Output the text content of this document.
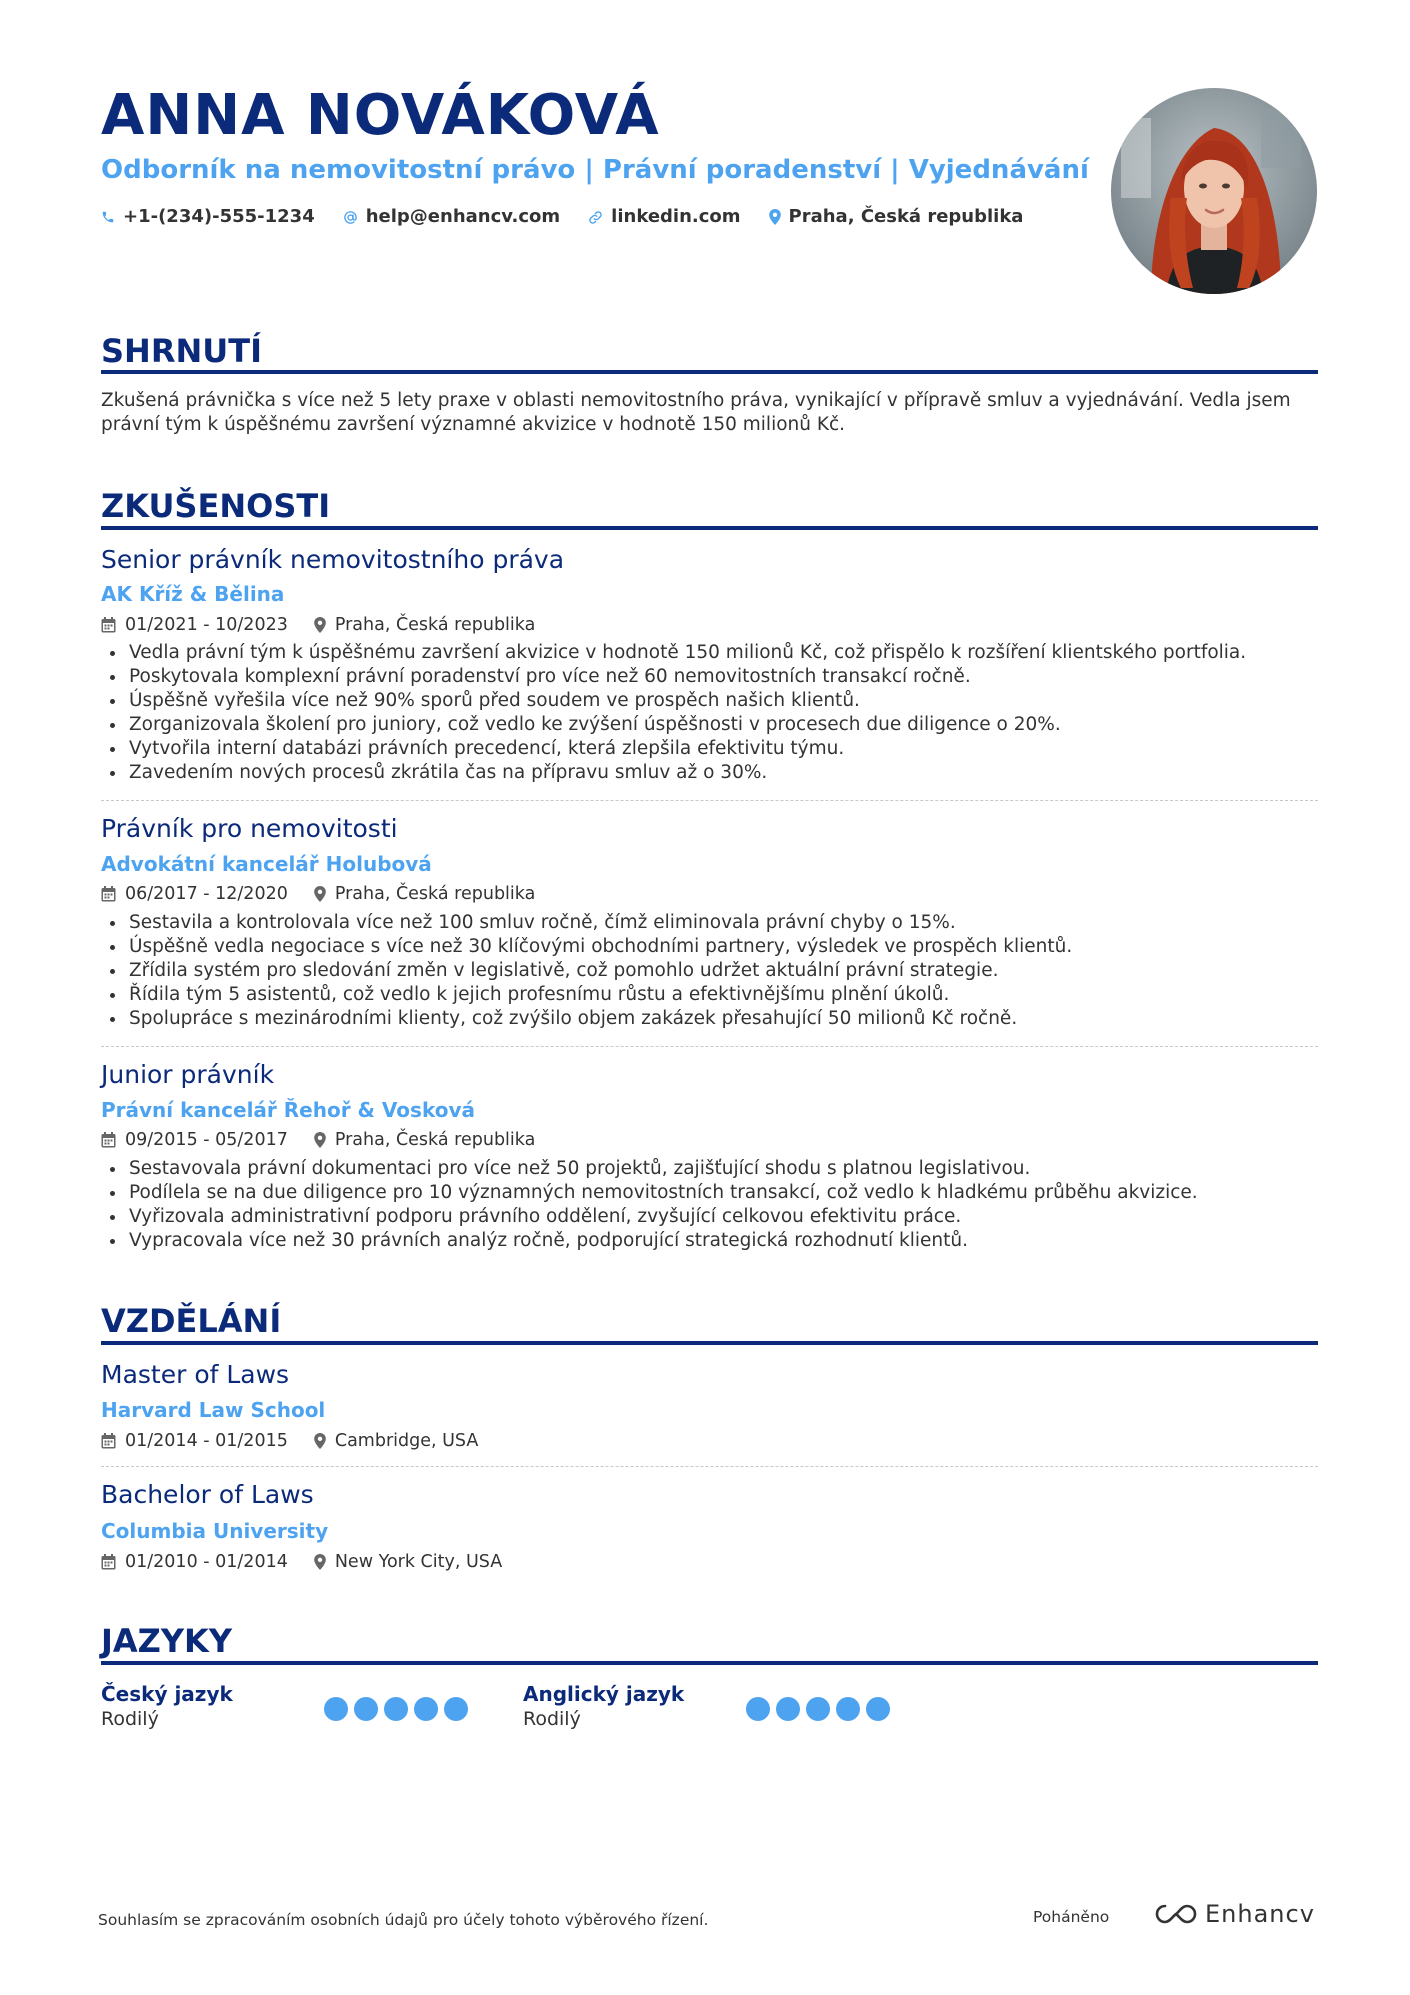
ANNA NOVÁKOVÁ
Odborník na nemovitostní právo | Právní poradenství | Vyjednávání
+1-(234)-555-1234	help@enhancv.com	linkedin.com	Praha, Česká republika
SHRNUTÍ
Zkušená právnička s více než 5 lety praxe v oblasti nemovitostního práva, vynikající v přípravě smluv a vyjednávání. Vedla jsem právní tým k úspěšnému završení významné akvizice v hodnotě 150 milionů Kč.
ZKUŠENOSTI
Senior právník nemovitostního práva
AK Kříž & Bělina
01/2021 - 10/2023	Praha, Česká republika
Vedla právní tým k úspěšnému završení akvizice v hodnotě 150 milionů Kč, což přispělo k rozšíření klientského portfolia.
Poskytovala komplexní právní poradenství pro více než 60 nemovitostních transakcí ročně.
Úspěšně vyřešila více než 90% sporů před soudem ve prospěch našich klientů.
Zorganizovala školení pro juniory, což vedlo ke zvýšení úspěšnosti v procesech due diligence o 20%.
Vytvořila interní databázi právních precedencí, která zlepšila efektivitu týmu.
Zavedením nových procesů zkrátila čas na přípravu smluv až o 30%.
Právník pro nemovitosti
Advokátní kancelář Holubová
06/2017 - 12/2020	Praha, Česká republika
Sestavila a kontrolovala více než 100 smluv ročně, čímž eliminovala právní chyby o 15%.
Úspěšně vedla negociace s více než 30 klíčovými obchodními partnery, výsledek ve prospěch klientů.
Zřídila systém pro sledování změn v legislativě, což pomohlo udržet aktuální právní strategie.
Řídila tým 5 asistentů, což vedlo k jejich profesnímu růstu a efektivnějšímu plnění úkolů.
Spolupráce s mezinárodními klienty, což zvýšilo objem zakázek přesahující 50 milionů Kč ročně.
Junior právník
Právní kancelář Řehoř & Vosková
09/2015 - 05/2017	Praha, Česká republika
Sestavovala právní dokumentaci pro více než 50 projektů, zajišťující shodu s platnou legislativou.
Podílela se na due diligence pro 10 významných nemovitostních transakcí, což vedlo k hladkému průběhu akvizice.
Vyřizovala administrativní podporu právního oddělení, zvyšující celkovou efektivitu práce.
Vypracovala více než 30 právních analýz ročně, podporující strategická rozhodnutí klientů.
VZDĚLÁNÍ
Master of Laws
Harvard Law School
01/2014 - 01/2015	Cambridge, USA
Bachelor of Laws
Columbia University
01/2010 - 01/2014	New York City, USA
JAZYKY
Český jazyk
Rodilý
Anglický jazyk
Rodilý
Souhlasím se zpracováním osobních údajů pro účely tohoto výběrového řízení.	Poháněno	Enhancv
